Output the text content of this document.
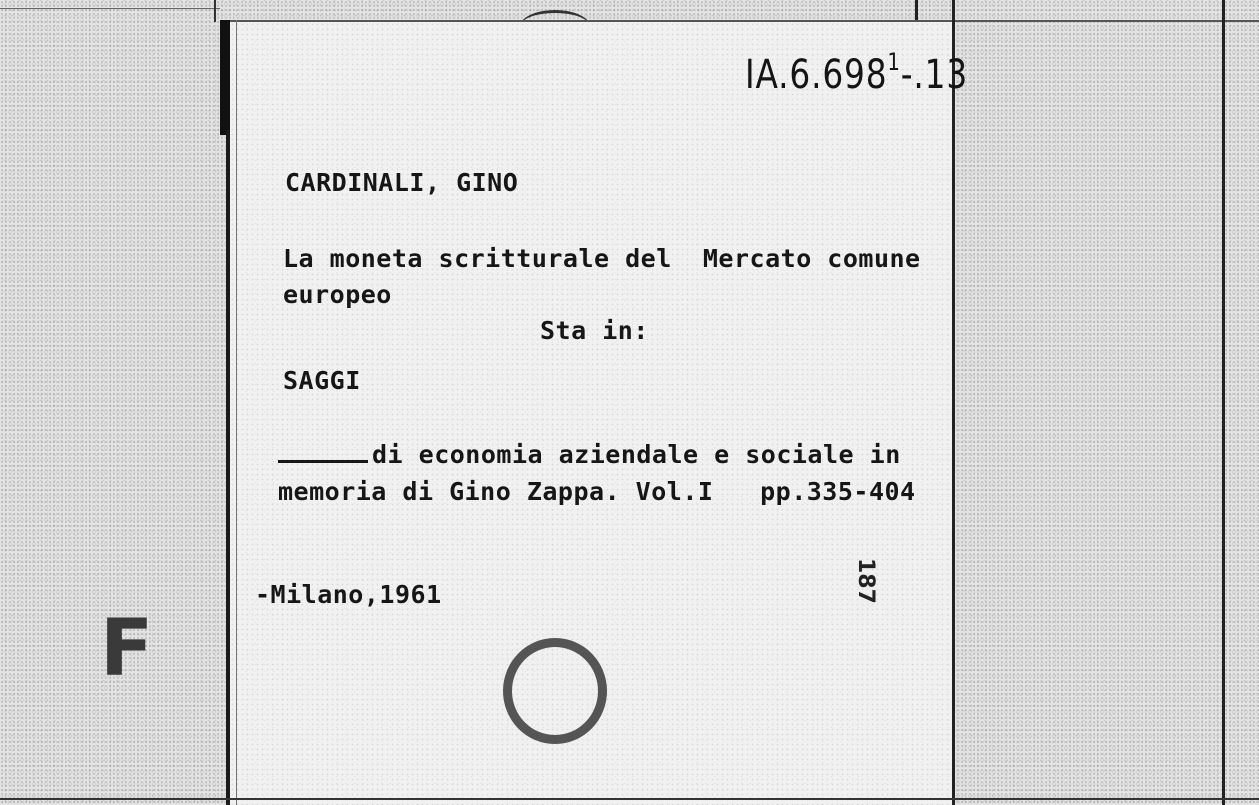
IA.6.698$^1$-.13
CARDINALI, GINO
La moneta scritturale del  Mercato comune
europeo
Sta in:
SAGGI
di economia aziendale e sociale in
memoria di Gino Zappa. Vol.I   pp.335-404
-Milano,1961	187
F
